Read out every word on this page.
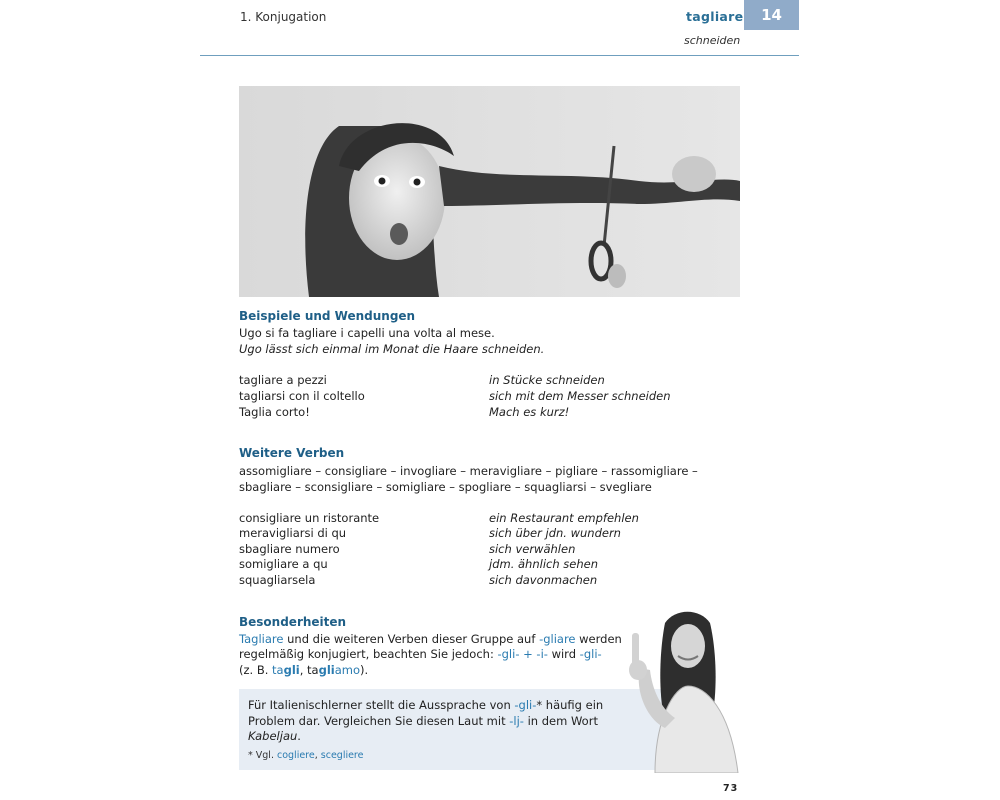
1. Konjugation	tagliare	14
schneiden
Beispiele und Wendungen
Ugo si fa tagliare i capelli una volta al mese.
Ugo lässt sich einmal im Monat die Haare schneiden.
tagliare a pezzi	in Stücke schneiden
tagliarsi con il coltello	sich mit dem Messer schneiden
Taglia corto!	Mach es kurz!
Weitere Verben
assomigliare – consigliare – invogliare – meravigliare – pigliare – rassomigliare –
sbagliare – sconsigliare – somigliare – spogliare – squagliarsi – svegliare
consigliare un ristorante	ein Restaurant empfehlen
meravigliarsi di qu	sich über jdn. wundern
sbagliare numero	sich verwählen
somigliare a qu	jdm. ähnlich sehen
squagliarsela	sich davonmachen
Besonderheiten
Tagliare und die weiteren Verben dieser Gruppe auf -gliare werden
regelmäßig konjugiert, beachten Sie jedoch: -gli- + -i- wird -gli-
(z. B. tagli, tagliamo).
Für Italienischlerner stellt die Aussprache von -gli-* häufig ein
Problem dar. Vergleichen Sie diesen Laut mit -lj- in dem Wort
Kabeljau.
* Vgl. cogliere, scegliere
73
